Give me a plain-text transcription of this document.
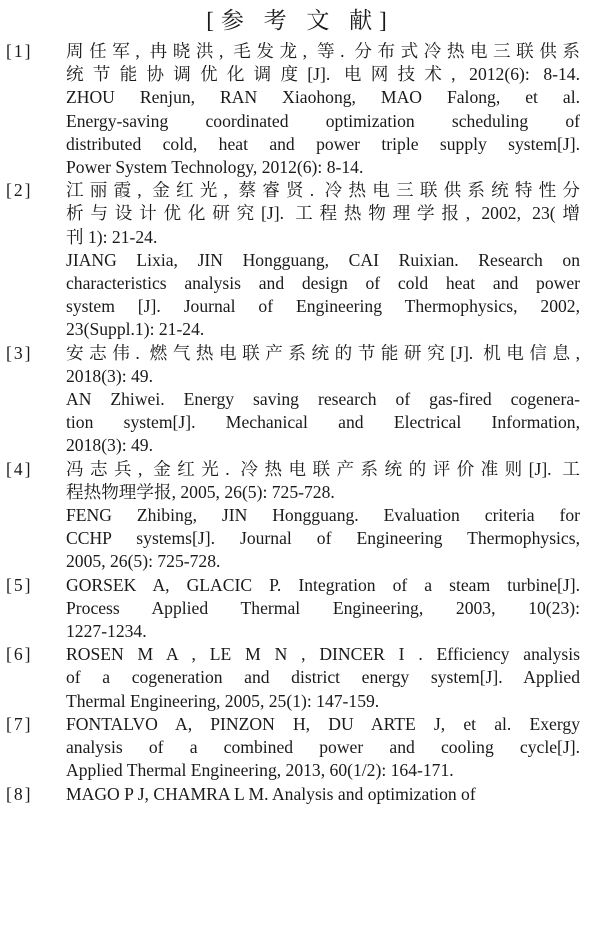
[参 考 文 献]
[1] 周任军, 冉晓洪, 毛发龙, 等. 分布式冷热电三联供系
统节能协调优化调度[J]. 电网技术, 2012(6): 8-14.
ZHOU Renjun, RAN Xiaohong, MAO Falong, et al.
Energy-saving coordinated optimization scheduling of
distributed cold, heat and power triple supply system[J].
Power System Technology, 2012(6): 8-14.
[2] 江丽霞, 金红光, 蔡睿贤. 冷热电三联供系统特性分
析与设计优化研究[J]. 工程热物理学报, 2002, 23(增
刊 1): 21-24.
JIANG Lixia, JIN Hongguang, CAI Ruixian. Research on
characteristics analysis and design of cold heat and power
system [J]. Journal of Engineering Thermophysics, 2002,
23(Suppl.1): 21-24.
[3] 安志伟. 燃气热电联产系统的节能研究[J]. 机电信息,
2018(3): 49.
AN Zhiwei. Energy saving research of gas-fired cogenera-
tion system[J]. Mechanical and Electrical Information,
2018(3): 49.
[4] 冯志兵, 金红光. 冷热电联产系统的评价准则[J]. 工
程热物理学报, 2005, 26(5): 725-728.
FENG Zhibing, JIN Hongguang. Evaluation criteria for
CCHP systems[J]. Journal of Engineering Thermophysics,
2005, 26(5): 725-728.
[5] GORSEK A, GLACIC P. Integration of a steam turbine[J].
Process Applied Thermal Engineering, 2003, 10(23):
1227-1234.
[6] ROSEN M A , LE M N , DINCER I . Efficiency analysis
of a cogeneration and district energy system[J]. Applied
Thermal Engineering, 2005, 25(1): 147-159.
[7] FONTALVO A, PINZON H, DU ARTE J, et al. Exergy
analysis of a combined power and cooling cycle[J].
Applied Thermal Engineering, 2013, 60(1/2): 164-171.
[8] MAGO P J, CHAMRA L M. Analysis and optimization of
